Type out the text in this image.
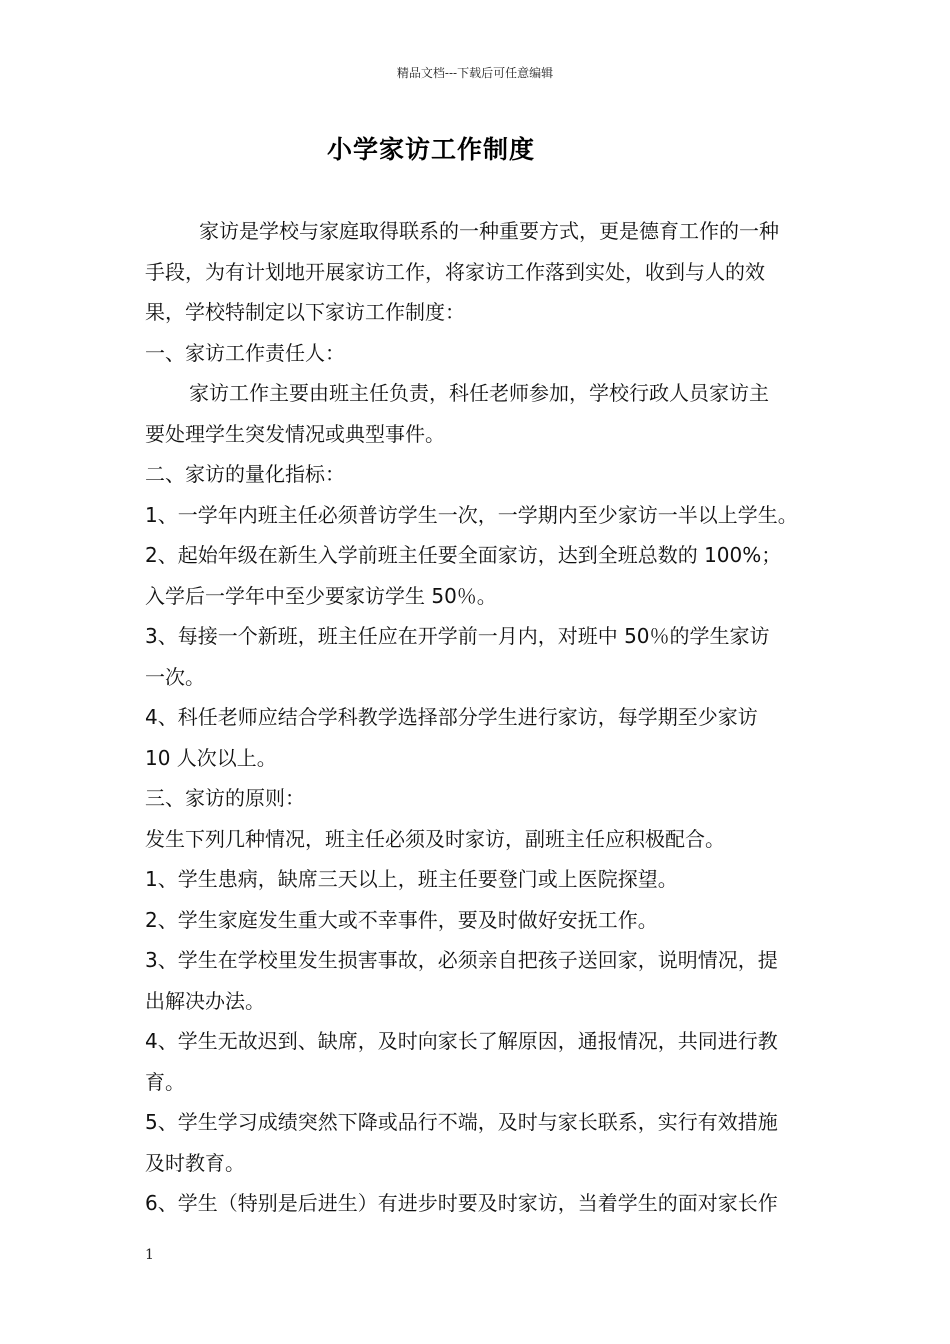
精品文档---下载后可任意编辑
小学家访工作制度
家访是学校与家庭取得联系的一种重要方式，更是德育工作的一种
手段，为有计划地开展家访工作，将家访工作落到实处，收到与人的效
果，学校特制定以下家访工作制度：
一、家访工作责任人：
家访工作主要由班主任负责，科任老师参加，学校行政人员家访主
要处理学生突发情况或典型事件。
二、家访的量化指标：
1、一学年内班主任必须普访学生一次，一学期内至少家访一半以上学生。
2、起始年级在新生入学前班主任要全面家访，达到全班总数的 100%；
入学后一学年中至少要家访学生 50％。
3、每接一个新班，班主任应在开学前一月内，对班中 50％的学生家访
一次。
4、科任老师应结合学科教学选择部分学生进行家访，每学期至少家访
10 人次以上。
三、家访的原则：
发生下列几种情况，班主任必须及时家访，副班主任应积极配合。
1、学生患病，缺席三天以上，班主任要登门或上医院探望。
2、学生家庭发生重大或不幸事件，要及时做好安抚工作。
3、学生在学校里发生损害事故，必须亲自把孩子送回家，说明情况，提
出解决办法。
4、学生无故迟到、缺席，及时向家长了解原因，通报情况，共同进行教
育。
5、学生学习成绩突然下降或品行不端，及时与家长联系，实行有效措施
及时教育。
6、学生（特别是后进生）有进步时要及时家访，当着学生的面对家长作
1
